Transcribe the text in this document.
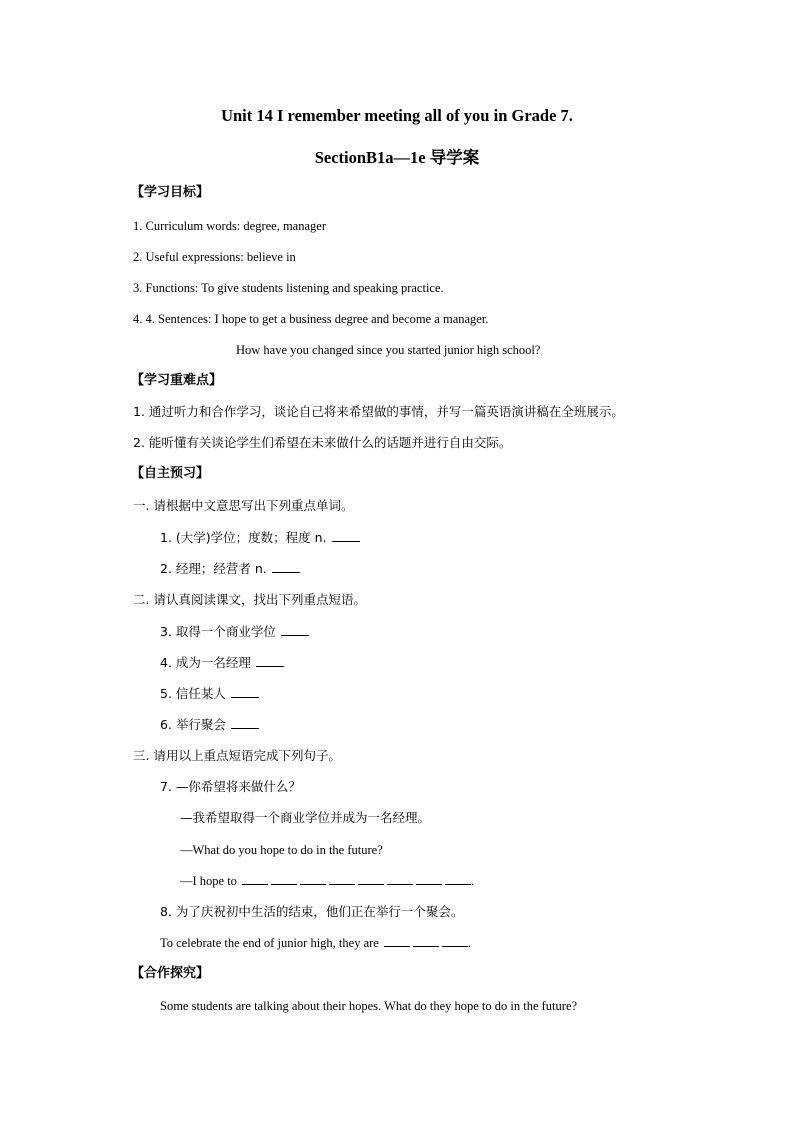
Unit 14 I remember meeting all of you in Grade 7.
SectionB1a—1e 导学案
【学习目标】
1. Curriculum words: degree, manager
2. Useful expressions: believe in
3. Functions: To give students listening and speaking practice.
4. 4. Sentences: I hope to get a business degree and become a manager.
How have you changed since you started junior high school?
【学习重难点】
1. 通过听力和合作学习，谈论自己将来希望做的事情，并写一篇英语演讲稿在全班展示。
2. 能听懂有关谈论学生们希望在未来做什么的话题并进行自由交际。
【自主预习】
一. 请根据中文意思写出下列重点单词。
1. (大学)学位；度数；程度 n.
2. 经理；经营者 n.
二. 请认真阅读课文，找出下列重点短语。
3. 取得一个商业学位
4. 成为一名经理
5. 信任某人
6. 举行聚会
三. 请用以上重点短语完成下列句子。
7. —你希望将来做什么？
—我希望取得一个商业学位并成为一名经理。
—What do you hope to do in the future?
—I hope to	.
8. 为了庆祝初中生活的结束，他们正在举行一个聚会。
To celebrate the end of junior high, they are	.
【合作探究】
Some students are talking about their hopes. What do they hope to do in the future?
